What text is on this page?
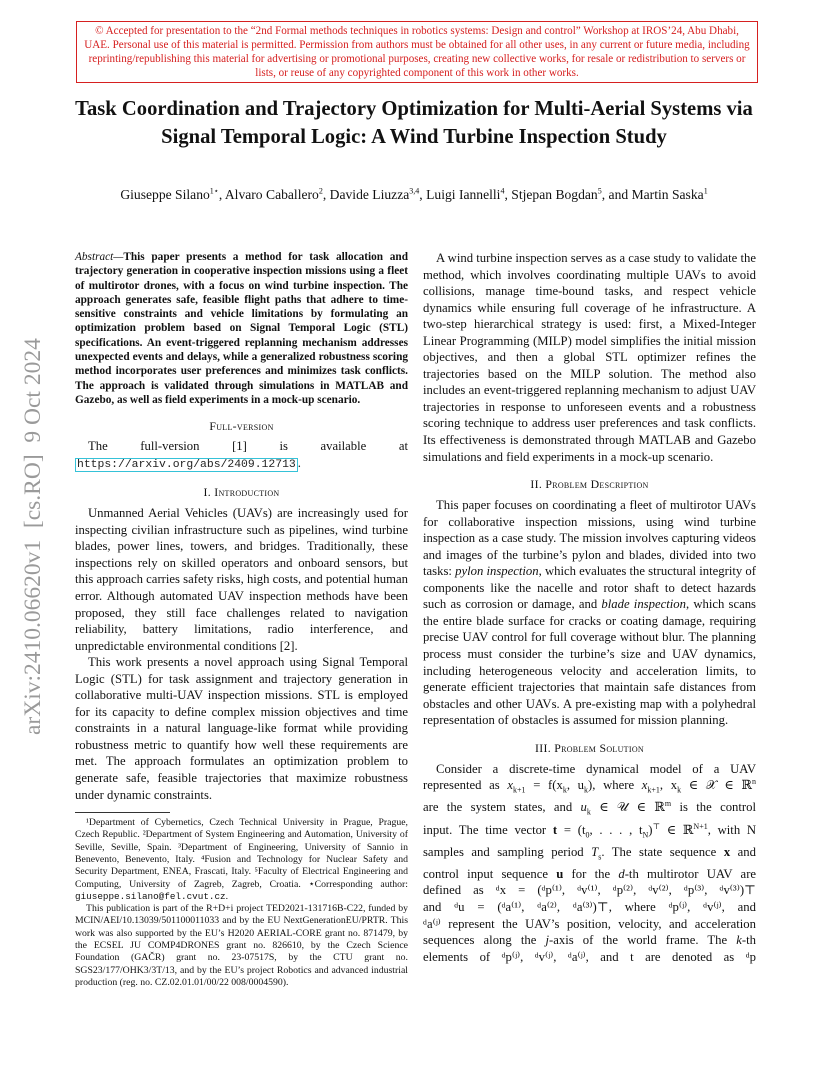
© Accepted for presentation to the “2nd Formal methods techniques in robotics systems: Design and control” Workshop at IROS’24, Abu Dhabi, UAE. Personal use of this material is permitted. Permission from authors must be obtained for all other uses, in any current or future media, including reprinting/republishing this material for advertising or promotional purposes, creating new collective works, for resale or redistribution to servers or lists, or reuse of any copyrighted component of this work in other works.
Task Coordination and Trajectory Optimization for Multi-Aerial Systems via Signal Temporal Logic: A Wind Turbine Inspection Study
Giuseppe Silano$^{1⋆}$, Alvaro Caballero$^2$, Davide Liuzza$^{3,4}$, Luigi Iannelli$^4$, Stjepan Bogdan$^5$, and Martin Saska$^1$
arXiv:2410.06620v1  [cs.RO]  9 Oct 2024
Abstract—This paper presents a method for task allocation and trajectory generation in cooperative inspection missions using a fleet of multirotor drones, with a focus on wind turbine inspection. The approach generates safe, feasible flight paths that adhere to time-sensitive constraints and vehicle limitations by formulating an optimization problem based on Signal Temporal Logic (STL) specifications. An event-triggered replanning mechanism addresses unexpected events and delays, while a generalized robustness scoring method incorporates user preferences and minimizes task conflicts. The approach is validated through simulations in MATLAB and Gazebo, as well as field experiments in a mock-up scenario.
Full-version
The full-version [1] is available at https://arxiv.org/abs/2409.12713 .
I. Introduction

Unmanned Aerial Vehicles (UAVs) are increasingly used for inspecting civilian infrastructure such as pipelines, wind turbine blades, power lines, towers, and bridges. Traditionally, these inspections rely on skilled operators and onboard sensors, but this approach carries safety risks, high costs, and potential human error. Although automated UAV inspection methods have been proposed, they still face challenges related to navigation reliability, battery limitations, radio interference, and unpredictable environmental conditions [2].

This work presents a novel approach using Signal Temporal Logic (STL) for task assignment and trajectory generation in collaborative multi-UAV inspection missions. STL is employed for its capacity to define complex mission objectives and time constraints in a natural language-like format while providing robustness metric to quantify how well these requirements are met. The approach formulates an optimization problem to generate safe, feasible trajectories that maximize robustness under dynamic constraints.

¹Department of Cybernetics, Czech Technical University in Prague, Prague, Czech Republic. ²Department of System Engineering and Automation, University of Seville, Seville, Spain. ³Department of Engineering, University of Sannio in Benevento, Benevento, Italy. ⁴Fusion and Technology for Nuclear Safety and Security Department, ENEA, Frascati, Italy. ⁵Faculty of Electrical Engineering and Computing, University of Zagreb, Zagreb, Croatia. ⋆Corresponding author: giuseppe.silano@fel.cvut.cz.

This publication is part of the R+D+i project TED2021-131716B-C22, funded by MCIN/AEI/10.13039/501100011033 and by the EU NextGenerationEU/PRTR. This work was also supported by the EU’s H2020 AERIAL-CORE grant no. 871479, by the ECSEL JU COMP4DRONES grant no. 826610, by the Czech Science Foundation (GAČR) grant no. 23-07517S, by the CTU grant no. SGS23/177/OHK3/3T/13, and by the EU’s project Robotics and advanced industrial production (reg. no. CZ.02.01.01/00/22 008/0004590).

A wind turbine inspection serves as a case study to validate the method, which involves coordinating multiple UAVs to avoid collisions, manage time-bound tasks, and respect vehicle dynamics while ensuring full coverage of he infrastructure. A two-step hierarchical strategy is used: first, a Mixed-Integer Linear Programming (MILP) model simplifies the initial mission objectives, and then a global STL optimizer refines the trajectories based on the MILP solution. The method also includes an event-triggered replanning mechanism to adjust UAV trajectories in response to unforeseen events and a robustness scoring technique to address user preferences and task conflicts. Its effectiveness is demonstrated through MATLAB and Gazebo simulations and field experiments in a mock-up scenario.

II. Problem Description

This paper focuses on coordinating a fleet of multirotor UAVs for collaborative inspection missions, using wind turbine inspection as a case study. The mission involves capturing videos and images of the turbine’s pylon and blades, divided into two tasks: pylon inspection, which evaluates the structural integrity of components like the nacelle and rotor shaft to detect hazards such as corrosion or damage, and blade inspection, which scans the entire blade surface for cracks or coating damage, requiring precise UAV control for full coverage without blur. The planning process must consider the turbine’s size and UAV dynamics, including heterogeneous velocity and acceleration limits, to generate efficient trajectories that maintain safe distances from obstacles and other UAVs. A pre-existing map with a polyhedral representation of obstacles is assumed for mission planning.

III. Problem Solution
Consider a discrete-time dynamical model of a UAV
represented as $x_{k+1} = f(x_k$, $u_k$), where $x_{k+1}$, $x_k$ ∈ 𝒳 ∈ ℝ$^n$
are the system states, and $u_k$ ∈ 𝒰 ∈ ℝ$^m$ is the control
input. The time vector $t = (t_0$, . . . , $t_N)^⊤$ ∈ ℝ$^{N+1}$, with N
samples and sampling period $T_s$. The state sequence x and
control input sequence u for the d-th multirotor UAV are
defined as ᵈx = (ᵈp⁽¹⁾, ᵈv⁽¹⁾, ᵈp⁽²⁾, ᵈv⁽²⁾, ᵈp⁽³⁾, ᵈv⁽³⁾)⊤
and ᵈu = (ᵈa⁽¹⁾, ᵈa⁽²⁾, ᵈa⁽³⁾)⊤, where ᵈp⁽ʲ⁾, ᵈv⁽ʲ⁾, and
ᵈa⁽ʲ⁾ represent the UAV’s position, velocity, and acceleration
sequences along the j-axis of the world frame. The k-th
elements of ᵈp⁽ʲ⁾, ᵈv⁽ʲ⁾, ᵈa⁽ʲ⁾, and t are denoted as ᵈp
